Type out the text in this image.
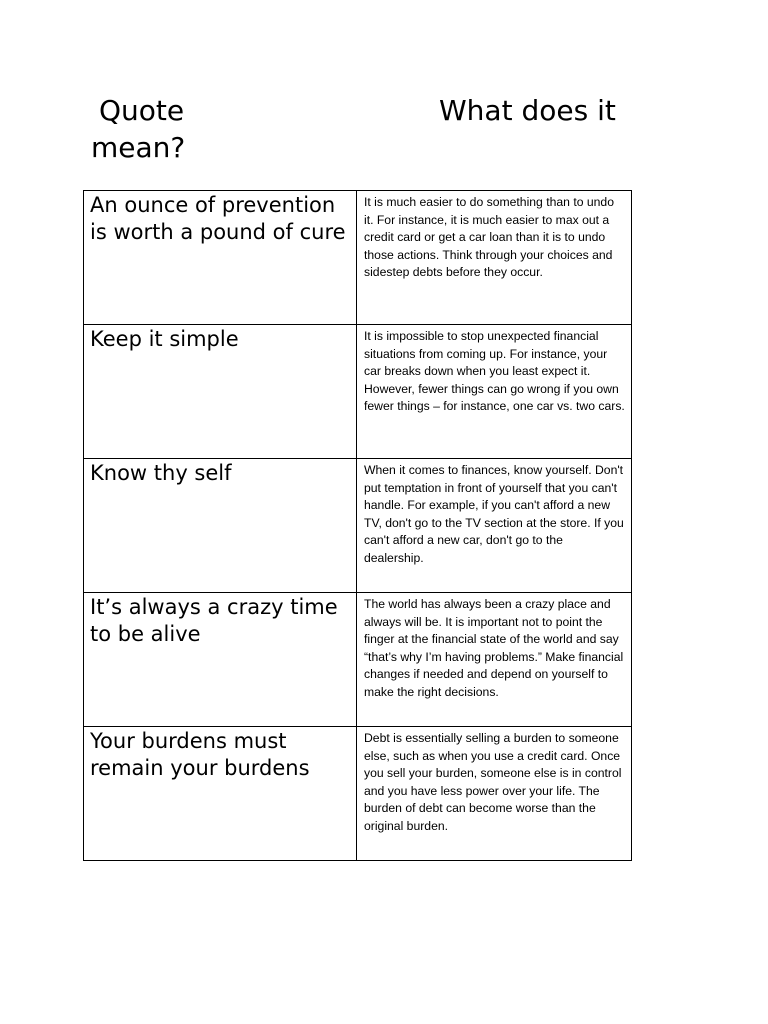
Quote	What does it
mean?
An ounce of prevention is worth a pound of cure	It is much easier to do something than to undo it. For instance, it is much easier to max out a credit card or get a car loan than it is to undo those actions. Think through your choices and sidestep debts before they occur.
Keep it simple	It is impossible to stop unexpected financial situations from coming up. For instance, your car breaks down when you least expect it. However, fewer things can go wrong if you own fewer things – for instance, one car vs. two cars.
Know thy self	When it comes to finances, know yourself. Don't put temptation in front of yourself that you can't handle. For example, if you can't afford a new TV, don't go to the TV section at the store. If you can't afford a new car, don't go to the dealership.
It’s always a crazy time to be alive	The world has always been a crazy place and always will be. It is important not to point the finger at the financial state of the world and say “that’s why I’m having problems.” Make financial changes if needed and depend on yourself to make the right decisions.
Your burdens must remain your burdens	Debt is essentially selling a burden to someone else, such as when you use a credit card. Once you sell your burden, someone else is in control and you have less power over your life. The burden of debt can become worse than the original burden.
